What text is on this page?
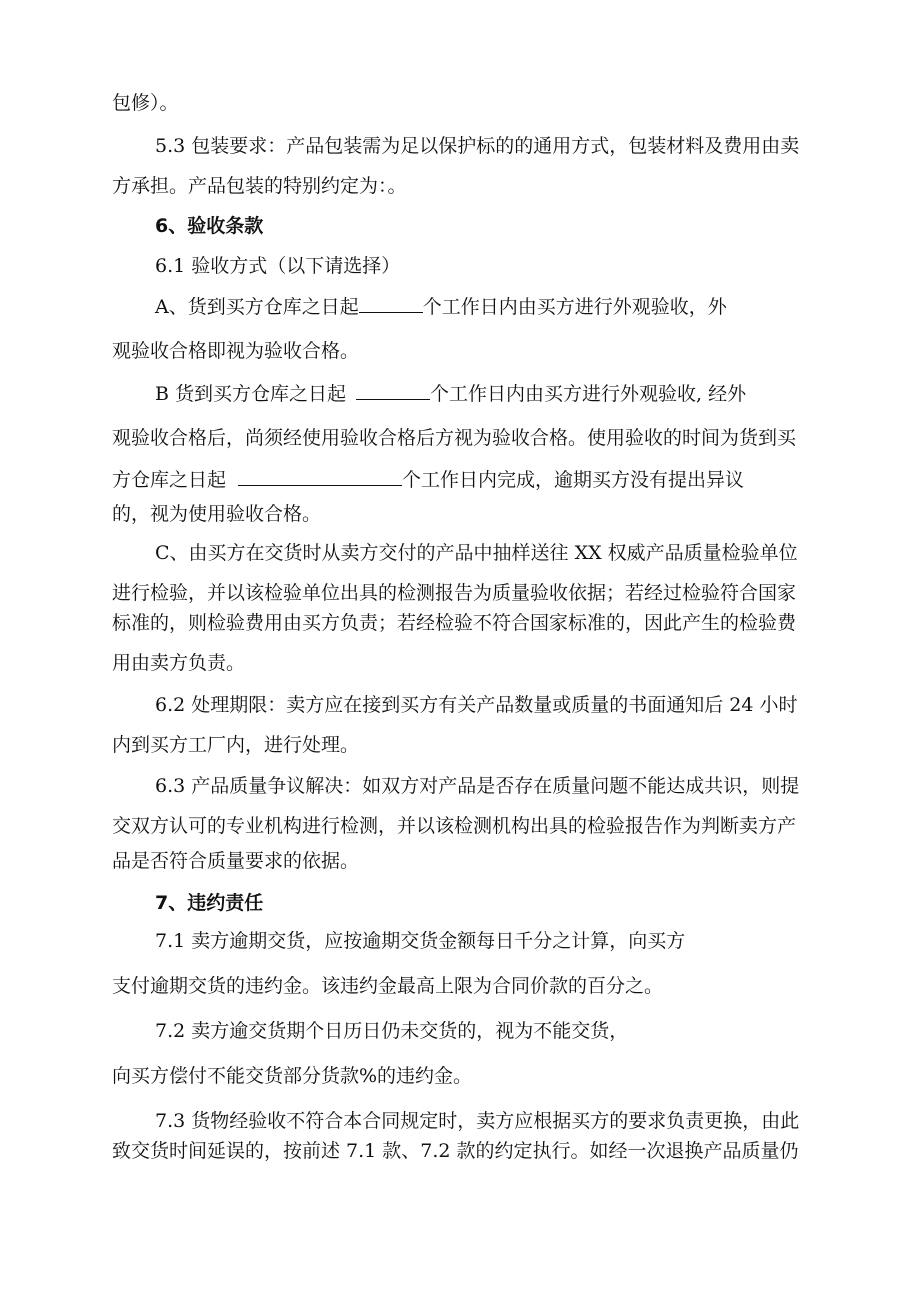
包修）。
5.3 包装要求：产品包装需为足以保护标的的通用方式，包装材料及费用由卖
方承担。产品包装的特别约定为：。
6、验收条款
6.1 验收方式（以下请选择）
A、货到买方仓库之日起	个工作日内由买方进行外观验收，外
观验收合格即视为验收合格。
B 货到买方仓库之日起	个工作日内由买方进行外观验收, 经外
观验收合格后，尚须经使用验收合格后方视为验收合格。使用验收的时间为货到买
方仓库之日起	个工作日内完成，逾期买方没有提出异议
的，视为使用验收合格。
C、由买方在交货时从卖方交付的产品中抽样送往 XX 权威产品质量检验单位
进行检验，并以该检验单位出具的检测报告为质量验收依据；若经过检验符合国家
标准的，则检验费用由买方负责；若经检验不符合国家标准的，因此产生的检验费
用由卖方负责。
6.2 处理期限：卖方应在接到买方有关产品数量或质量的书面通知后 24 小时
内到买方工厂内，进行处理。
6.3 产品质量争议解决：如双方对产品是否存在质量问题不能达成共识，则提
交双方认可的专业机构进行检测，并以该检测机构出具的检验报告作为判断卖方产
品是否符合质量要求的依据。
7、违约责任
7.1 卖方逾期交货，应按逾期交货金额每日千分之计算，向买方
支付逾期交货的违约金。该违约金最高上限为合同价款的百分之。
7.2 卖方逾交货期个日历日仍未交货的，视为不能交货，
向买方偿付不能交货部分货款%的违约金。
7.3 货物经验收不符合本合同规定时，卖方应根据买方的要求负责更换，由此
致交货时间延误的，按前述 7.1 款、7.2 款的约定执行。如经一次退换产品质量仍
